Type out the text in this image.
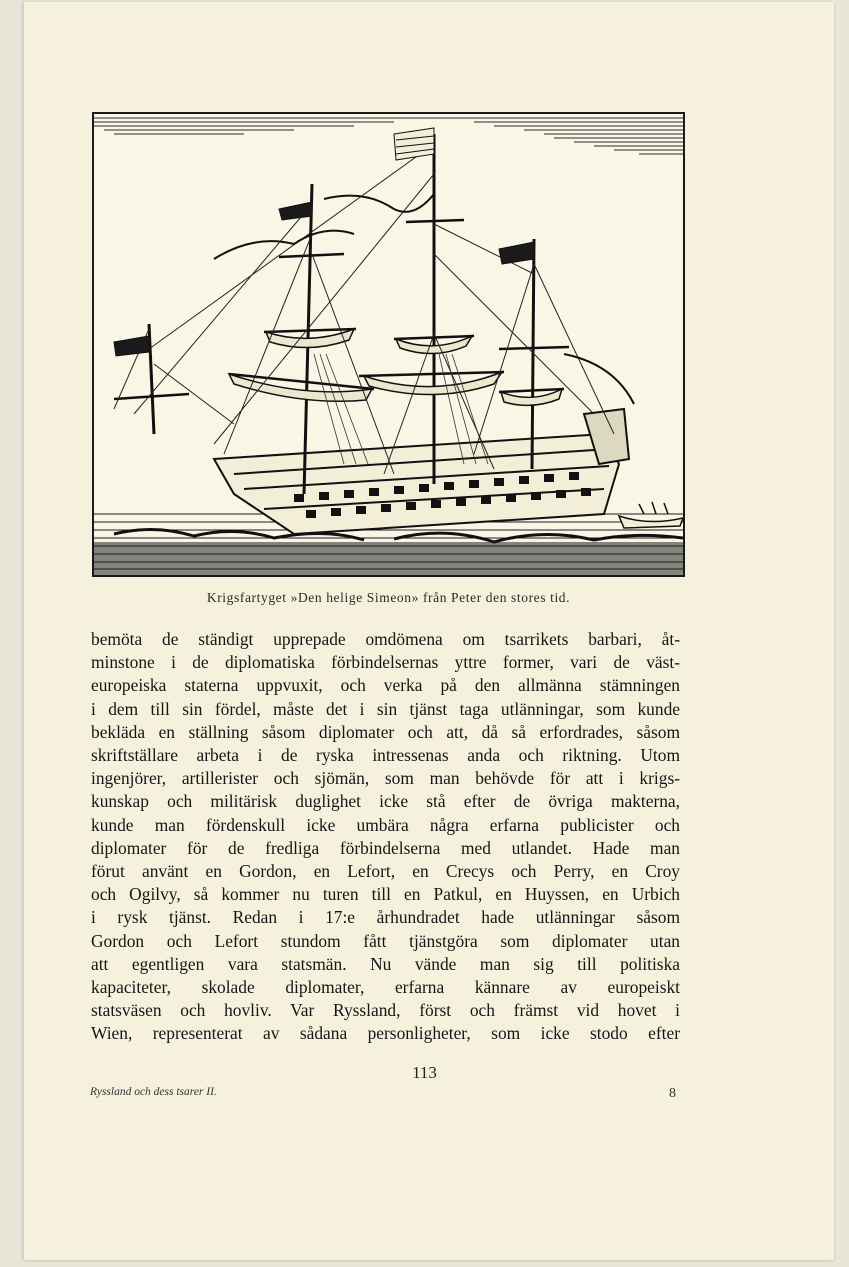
Krigsfartyget »Den helige Simeon» från Peter den stores tid.
bemöta de ständigt upprepade omdömena om tsarrikets barbari, åt-
minstone i de diplomatiska förbindelsernas yttre former, vari de väst-
europeiska staterna uppvuxit, och verka på den allmänna stämningen
i dem till sin fördel, måste det i sin tjänst taga utlänningar, som kunde
bekläda en ställning såsom diplomater och att, då så erfordrades, såsom
skriftställare arbeta i de ryska intressenas anda och riktning. Utom
ingenjörer, artillerister och sjömän, som man behövde för att i krigs-
kunskap och militärisk duglighet icke stå efter de övriga makterna,
kunde man fördenskull icke umbära några erfarna publicister och
diplomater för de fredliga förbindelserna med utlandet. Hade man
förut använt en Gordon, en Lefort, en Crecys och Perry, en Croy
och Ogilvy, så kommer nu turen till en Patkul, en Huyssen, en Urbich
i rysk tjänst. Redan i 17:e århundradet hade utlänningar såsom
Gordon och Lefort stundom fått tjänstgöra som diplomater utan
att egentligen vara statsmän. Nu vände man sig till politiska
kapaciteter, skolade diplomater, erfarna kännare av europeiskt
statsväsen och hovliv. Var Ryssland, först och främst vid hovet i
Wien, representerat av sådana personligheter, som icke stodo efter
113
Ryssland och dess tsarer II.	8
